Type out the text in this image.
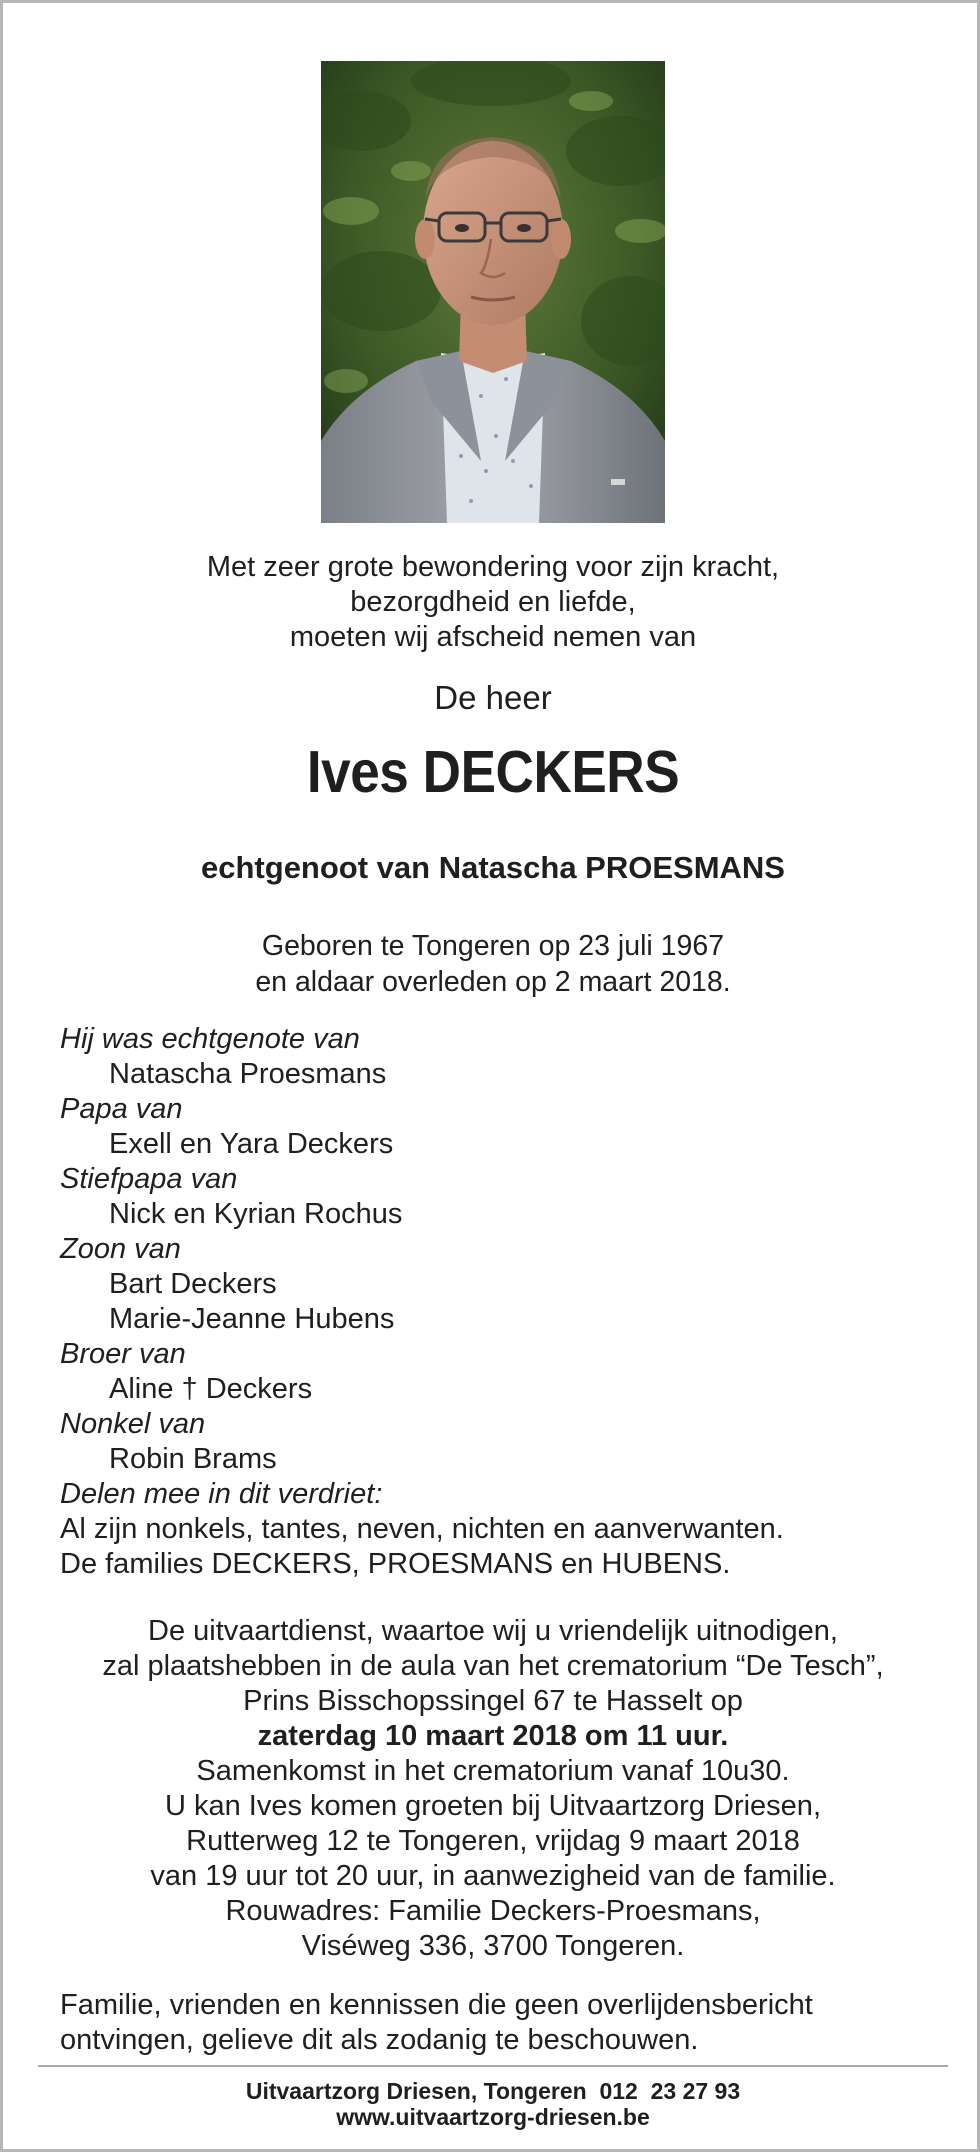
Met zeer grote bewondering voor zijn kracht,
bezorgdheid en liefde,
moeten wij afscheid nemen van
De heer
Ives DECKERS
echtgenoot van Natascha PROESMANS
Geboren te Tongeren op 23 juli 1967
en aldaar overleden op 2 maart 2018.
Hij was echtgenote van
Natascha Proesmans
Papa van
Exell en Yara Deckers
Stiefpapa van
Nick en Kyrian Rochus
Zoon van
Bart Deckers
Marie-Jeanne Hubens
Broer van
Aline † Deckers
Nonkel van
Robin Brams
Delen mee in dit verdriet:
Al zijn nonkels, tantes, neven, nichten en aanverwanten.
De families DECKERS, PROESMANS en HUBENS.
De uitvaartdienst, waartoe wij u vriendelijk uitnodigen,
zal plaatshebben in de aula van het crematorium “De Tesch”,
Prins Bisschopssingel 67 te Hasselt op
zaterdag 10 maart 2018 om 11 uur.
Samenkomst in het crematorium vanaf 10u30.
U kan Ives komen groeten bij Uitvaartzorg Driesen,
Rutterweg 12 te Tongeren, vrijdag 9 maart 2018
van 19 uur tot 20 uur, in aanwezigheid van de familie.
Rouwadres: Familie Deckers-Proesmans,
Viséweg 336, 3700 Tongeren.
Familie, vrienden en kennissen die geen overlijdensbericht
ontvingen, gelieve dit als zodanig te beschouwen.
Uitvaartzorg Driesen, Tongeren  012  23 27 93
www.uitvaartzorg-driesen.be
